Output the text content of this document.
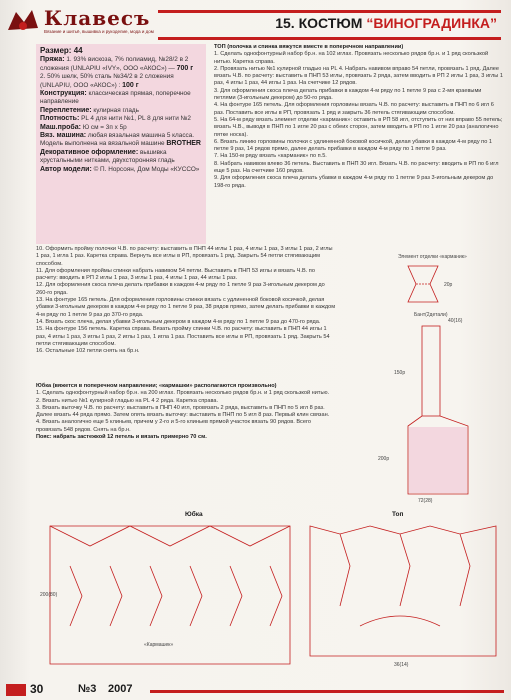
Клавесъ
Вязание и шитьё, вышивка и рукоделие, мода и дом
15. КОСТЮМ “ВИНОГРАДИНКА”
Размер: 44

Пряжа: 1. 93% вискоза, 7% полиамид, №28/2 в 2 сложения (UNLAPIU «IVY», ООО «АКОС») — 700 г

2. 50% шелк, 50% сталь №34/2 в 2 сложения (UNLAPIU, ООО «АКОС») : 100 г

Конструкция: классическая прямая, поперечное направление

Переплетение: кулирная гладь

Плотность: PL 4 для нити №1, PL 8 для нити №2

Маш.проба: Ю см = 3п x 5р

Вяз. машина: любая вязальная машина 5 класса. Модель выполнена на вязальной машине BROTHER

Декоративное оформление: вышивка хрустальными нитками, двухсторонняя гладь

Автор модели: © П. Норсоян, Дом Моды «КУССО»

ТОП (полочка и спинка вяжутся вместе в поперечном направлении)

1. Сделать однофонтурный набор бр.н. на 102 иглах. Провязать несколько рядов бр.н. и 1 ряд скользкой нитью. Каретка справа.

2. Провязать нитью №1 кулирной гладью на PL 4. Набрать навивом вправо 54 петли, провязать 1 ряд. Далее вязать Ч.В. по расчету: выставить в ПНП 53 иглы, провязать 2 ряда, затем вводить в РП 2 иглы 1 раз, 3 иглы 1 раз, 4 иглы 1 раз, 44 иглы 1 раз. На счетчике 12 рядов.

3. Для оформления скоса плеча делать прибавки в каждом 4-м ряду по 1 петле 9 раз с 2-мя краевыми петлями (3-игольным декером) до 50-го ряда.

4. На фонтуре 165 петель. Для оформления горловины вязать Ч.В. по расчету: выставить в ПНП по 6 игл 6 раз. Поставить все иглы в РП, провязать 1 ряд и закрыть 36 петель стягивающим способом.

5. На 64-м ряду вязать элемент отделки «карманик»: оставить в РП 58 игл, отступить от них вправо 55 петель; вязать Ч.В., выводя в ПНП по 1 игле 20 раз с обеих сторон, затем вводить в РП по 1 игле 20 раз (аналогично пятке носка).

6. Вязать линию горловины полочки с удлиненной боковой косичкой, делая убавки в каждом 4-м ряду по 1 петле 9 раз, 14 рядов прямо, далее делать прибавки в каждом 4-м ряду по 1 петле 9 раз.

7. На 150-м ряду вязать «карманик» по п.5.

8. Набрать навивом влево 36 петель. Выставить в ПНП 30 игл. Вязать Ч.В. по расчету: вводить в РП по 6 игл еще 5 раз. На счетчике 160 рядов.

9. Для оформления скоса плеча делать убавки в каждом 4-м ряду по 1 петле 9 раз 3-игольным декером до 198-го ряда.

10. Оформить пройму полочки Ч.В. по расчету: выставить в ПНП 44 иглы 1 раз, 4 иглы 1 раз, 3 иглы 1 раз, 2 иглы 1 раз, 1 игла 1 раз. Каретка справа. Вернуть все иглы в РП, провязать 1 ряд. Закрыть 54 петли стягивающим способом.

11. Для оформления проймы спинки набрать навивом 54 петли. Выставить в ПНП 53 иглы и вязать Ч.В. по расчету: вводить в РП 2 иглы 1 раз, 3 иглы 1 раз, 4 иглы 1 раз, 44 иглы 1 раз.

12. Для оформления скоса плеча делать прибавки в каждом 4-м ряду по 1 петле 9 раз 3-игольным декером до 260-го ряда.

13. На фонтуре 165 петель. Для оформления горловины спинки вязать с удлиненной боковой косичкой, делая убавки 3-игольным декером в каждом 4-м ряду по 1 петле 9 раз, 38 рядов прямо, затем делать прибавки в каждом 4-м ряду по 1 петле 9 раз до 370-го ряда.

14. Вязать скос плеча, делая убавки 3-игольным декером в каждом 4-м ряду по 1 петле 9 раз до 470-го ряда.

15. На фонтуре 156 петель. Каретка справа. Вязать пройму спинки Ч.В. по расчету: выставить в ПНП 44 иглы 1 раз, 4 иглы 1 раз, 3 иглы 1 раз, 2 иглы 1 раз, 1 игла 1 раз. Поставить все иглы в РП, провязать 1 ряд. Закрыть 54 петли стягивающим способом.

16. Остальные 102 петли снять на бр.н.

Юбка (вяжется в поперечном направлении; «кармашки» располагаются произвольно)

1. Сделать однофонтурный набор бр.н. на 200 иглах. Провязать несколько рядов бр.н. и 1 ряд скользкой нитью.

2. Вязать нитью №1 кулирной гладью на PL 4 2 ряда. Каретка справа.

3. Вязать выточку Ч.В. по расчету: выставить в ПНП 40 игл, провязать 2 ряда, выставить в ПНП по 5 игл 8 раз. Далее вязать 44 ряда прямо. Затем опять вязать выточку: выставить в ПНП по 5 игл 8 раз. Первый клин связан.

4. Вязать аналогично еще 5 клиньев, причем у 2-го и 5-го клиньев прямой участок вязать 90 рядов. Всего провязать 548 рядов. Снять на бр.н.

Пояс: набрать застежкой 12 петель и вязать примерно 70 см.

Элемент отделки «карманик»
20р
Бант(2детали)
150р
200р
72(28)
40(16)
Юбка	Топ
200(80)
«Кармашек»
36(14)
30	№3 2007
